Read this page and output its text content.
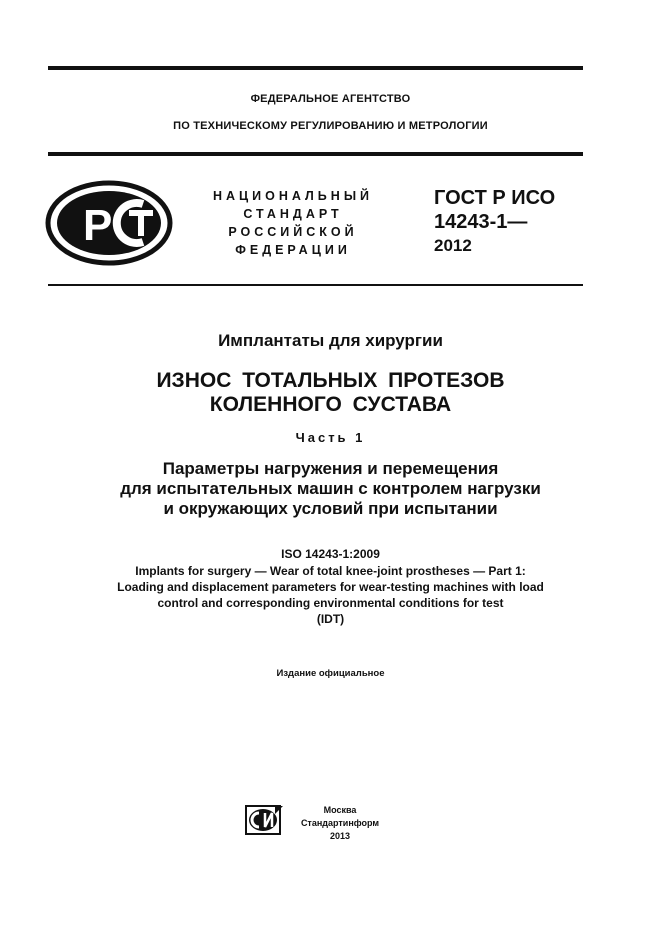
ФЕДЕРАЛЬНОЕ АГЕНТСТВО
ПО ТЕХНИЧЕСКОМУ РЕГУЛИРОВАНИЮ И МЕТРОЛОГИИ
Р
НАЦИОНАЛЬНЫЙ
СТАНДАРТ
РОССИЙСКОЙ
ФЕДЕРАЦИИ
ГОСТ Р ИСО
14243-1—
2012
Имплантаты для хирургии
ИЗНОС ТОТАЛЬНЫХ ПРОТЕЗОВ
КОЛЕННОГО СУСТАВА
Часть 1
Параметры нагружения и перемещения
для испытательных машин с контролем нагрузки
и окружающих условий при испытании
ISO 14243-1:2009
Implants for surgery — Wear of total knee-joint prostheses — Part 1:
Loading and displacement parameters for wear-testing machines with load
control and corresponding environmental conditions for test
(IDT)
Издание официальное
Москва
Стандартинформ
2013
